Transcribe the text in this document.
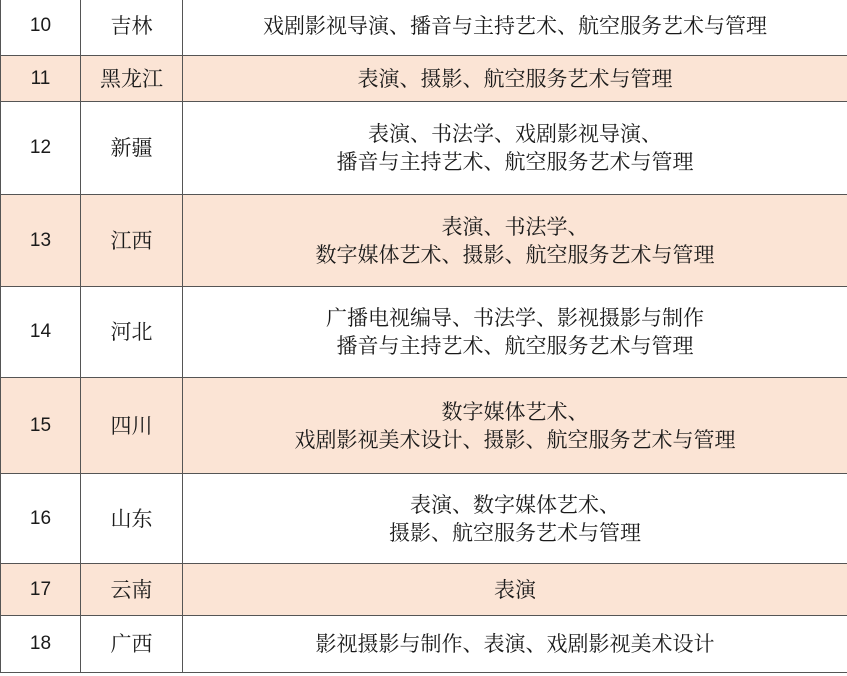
10	吉林	戏剧影视导演、播音与主持艺术、航空服务艺术与管理

11	黑龙江	表演、摄影、航空服务艺术与管理

12	新疆	表演、书法学、戏剧影视导演、
播音与主持艺术、航空服务艺术与管理

13	江西	表演、书法学、
数字媒体艺术、摄影、航空服务艺术与管理

14	河北	广播电视编导、书法学、影视摄影与制作
播音与主持艺术、航空服务艺术与管理

15	四川	数字媒体艺术、
戏剧影视美术设计、摄影、航空服务艺术与管理

16	山东	表演、数字媒体艺术、
摄影、航空服务艺术与管理

17	云南	表演

18	广西	影视摄影与制作、表演、戏剧影视美术设计
